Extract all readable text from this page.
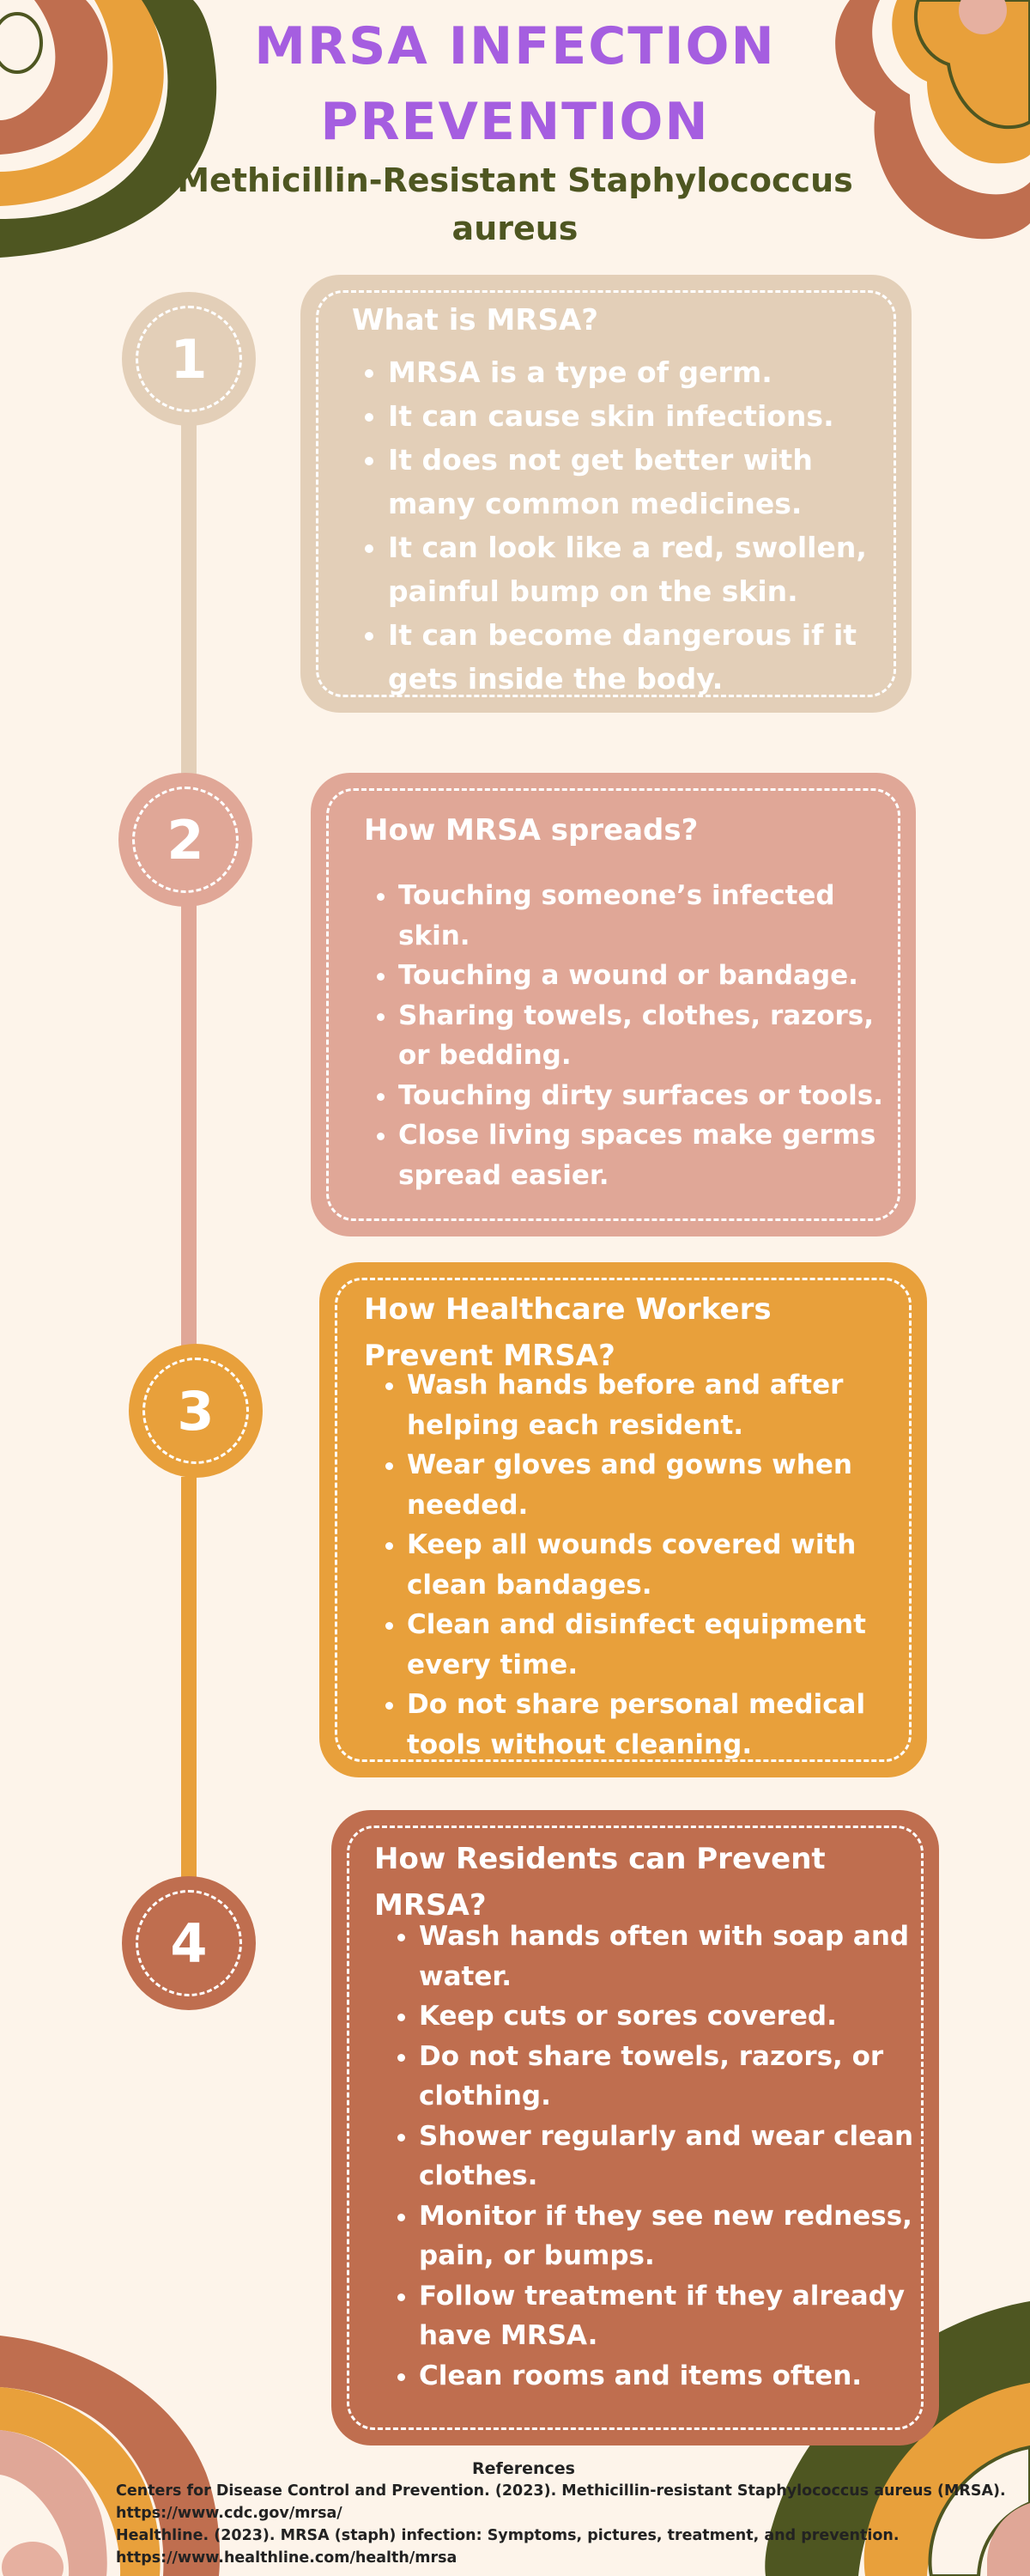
MRSA INFECTION
PREVENTION
Methicillin-Resistant Staphylococcus aureus
1
2
3
4
What is MRSA?
• MRSA is a type of germ.
• It can cause skin infections.
• It does not get better with many common medicines.
• It can look like a red, swollen, painful bump on the skin.
• It can become dangerous if it gets inside the body.
How MRSA spreads?
• Touching someone’s infected skin.
• Touching a wound or bandage.
• Sharing towels, clothes, razors, or bedding.
• Touching dirty surfaces or tools.
• Close living spaces make germs spread easier.
How Healthcare Workers Prevent MRSA?
• Wash hands before and after helping each resident.
• Wear gloves and gowns when needed.
• Keep all wounds covered with clean bandages.
• Clean and disinfect equipment every time.
• Do not share personal medical tools without cleaning.
How Residents can Prevent MRSA?
• Wash hands often with soap and water.
• Keep cuts or sores covered.
• Do not share towels, razors, or clothing.
• Shower regularly and wear clean clothes.
• Monitor if they see new redness, pain, or bumps.
• Follow treatment if they already have MRSA.
• Clean rooms and items often.
References
Centers for Disease Control and Prevention. (2023). Methicillin-resistant Staphylococcus aureus (MRSA).
https://www.cdc.gov/mrsa/
Healthline. (2023). MRSA (staph) infection: Symptoms, pictures, treatment, and prevention.
https://www.healthline.com/health/mrsa
